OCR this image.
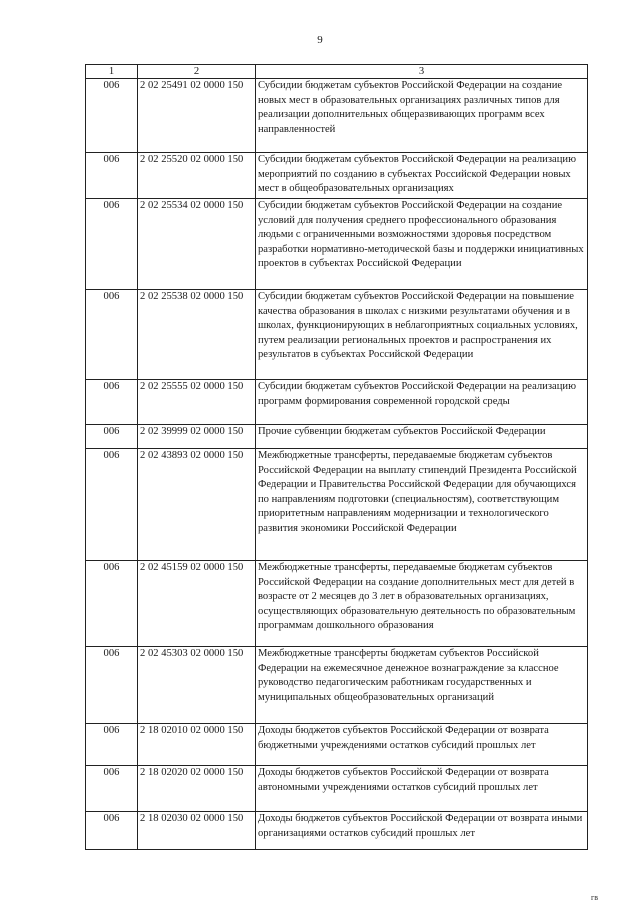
9
1	2	3
006	2 02 25491 02 0000 150	Субсидии бюджетам субъектов Российской Федерации на создание новых мест в образовательных организациях различных типов для реализации дополнительных общеразвивающих программ всех направленностей
006	2 02 25520 02 0000 150	Субсидии бюджетам субъектов Российской Федерации на реализацию мероприятий по созданию в субъектах Российской Федерации новых мест в общеобразовательных организациях
006	2 02 25534 02 0000 150	Субсидии бюджетам субъектов Российской Федерации на создание условий для получения среднего профессионального образования людьми с ограниченными возможностями здоровья посредством разработки нормативно-методической базы и поддержки инициативных проектов в субъектах Российской Федерации
006	2 02 25538 02 0000 150	Субсидии бюджетам субъектов Российской Федерации на повышение качества образования в школах с низкими результатами обучения и в школах, функционирующих в неблагоприятных социальных условиях, путем реализации региональных проектов и распространения их результатов в субъектах Российской Федерации
006	2 02 25555 02 0000 150	Субсидии бюджетам субъектов Российской Федерации на реализацию программ формирования современной городской среды
006	2 02 39999 02 0000 150	Прочие субвенции бюджетам субъектов Российской Федерации
006	2 02 43893 02 0000 150	Межбюджетные трансферты, передаваемые бюджетам субъектов Российской Федерации на выплату стипендий Президента Российской Федерации и Правительства Российской Федерации для обучающихся по направлениям подготовки (специальностям), соответствующим приоритетным направлениям модернизации и технологического развития экономики Российской Федерации
006	2 02 45159 02 0000 150	Межбюджетные трансферты, передаваемые бюджетам субъектов Российской Федерации на создание дополнительных мест для детей в возрасте от 2 месяцев до 3 лет в образовательных организациях, осуществляющих образовательную деятельность по образовательным программам дошкольного образования
006	2 02 45303 02 0000 150	Межбюджетные трансферты бюджетам субъектов Российской Федерации на ежемесячное денежное вознаграждение за классное руководство педагогическим работникам государственных и муниципальных общеобразовательных организаций
006	2 18 02010 02 0000 150	Доходы бюджетов субъектов Российской Федерации от возврата бюджетными учреждениями остатков субсидий прошлых лет
006	2 18 02020 02 0000 150	Доходы бюджетов субъектов Российской Федерации от возврата автономными учреждениями остатков субсидий прошлых лет
006	2 18 02030 02 0000 150	Доходы бюджетов субъектов Российской Федерации от возврата иными организациями остатков субсидий прошлых лет
гв
